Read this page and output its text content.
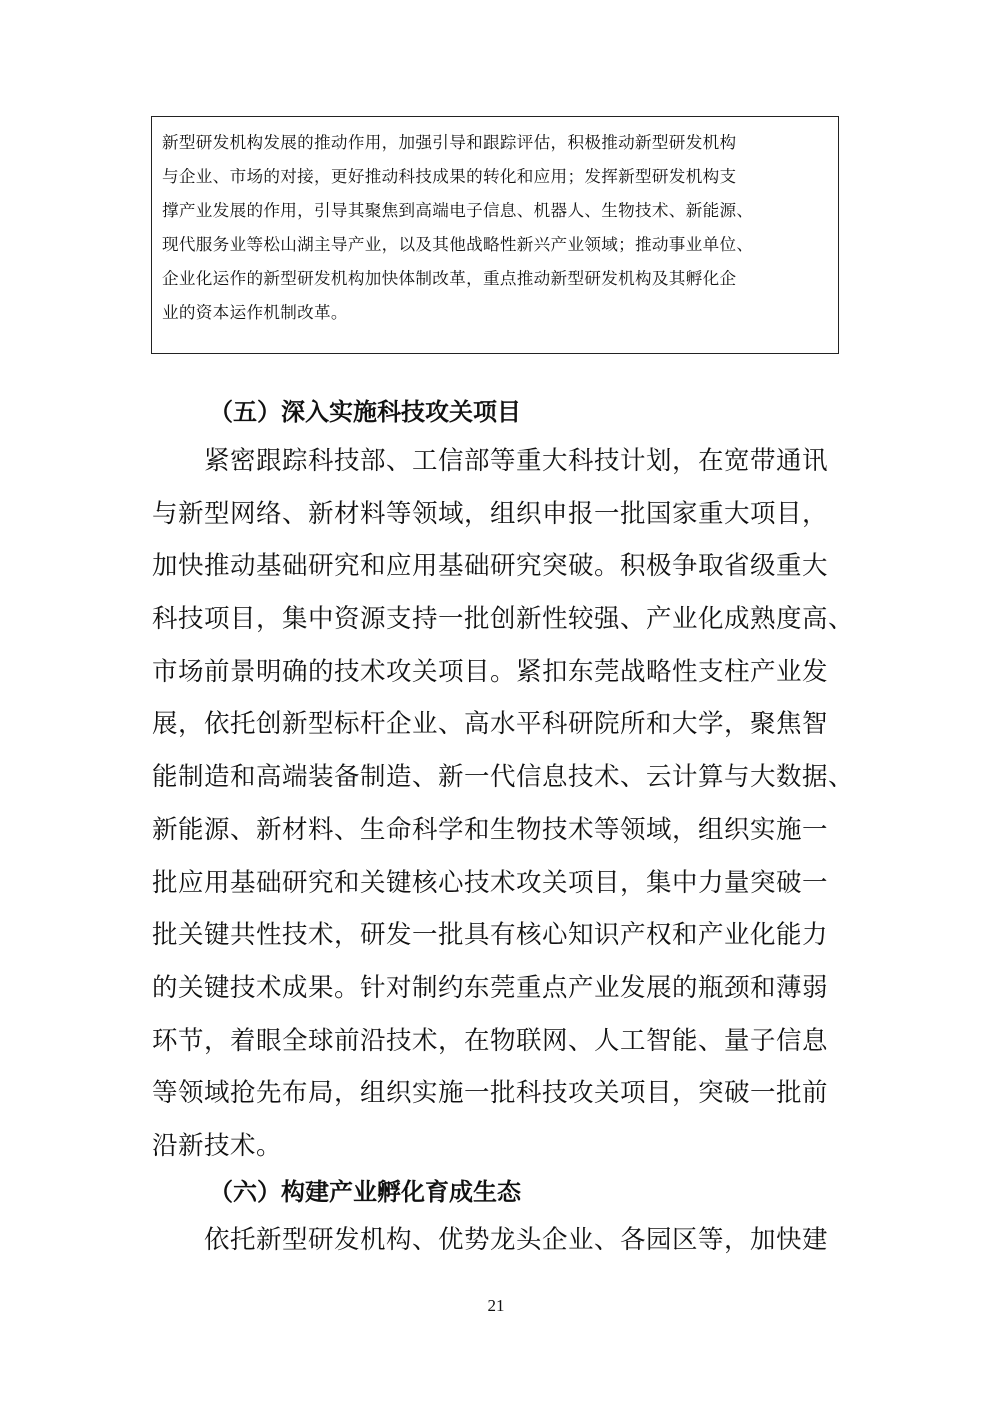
新型研发机构发展的推动作用，加强引导和跟踪评估，积极推动新型研发机构
与企业、市场的对接，更好推动科技成果的转化和应用；发挥新型研发机构支
撑产业发展的作用，引导其聚焦到高端电子信息、机器人、生物技术、新能源、
现代服务业等松山湖主导产业，以及其他战略性新兴产业领域；推动事业单位、
企业化运作的新型研发机构加快体制改革，重点推动新型研发机构及其孵化企
业的资本运作机制改革。
（五）深入实施科技攻关项目
紧密跟踪科技部、工信部等重大科技计划，在宽带通讯
与新型网络、新材料等领域，组织申报一批国家重大项目，
加快推动基础研究和应用基础研究突破。积极争取省级重大
科技项目，集中资源支持一批创新性较强、产业化成熟度高、
市场前景明确的技术攻关项目。紧扣东莞战略性支柱产业发
展，依托创新型标杆企业、高水平科研院所和大学，聚焦智
能制造和高端装备制造、新一代信息技术、云计算与大数据、
新能源、新材料、生命科学和生物技术等领域，组织实施一
批应用基础研究和关键核心技术攻关项目，集中力量突破一
批关键共性技术，研发一批具有核心知识产权和产业化能力
的关键技术成果。针对制约东莞重点产业发展的瓶颈和薄弱
环节，着眼全球前沿技术，在物联网、人工智能、量子信息
等领域抢先布局，组织实施一批科技攻关项目，突破一批前
沿新技术。
（六）构建产业孵化育成生态
依托新型研发机构、优势龙头企业、各园区等，加快建
21
